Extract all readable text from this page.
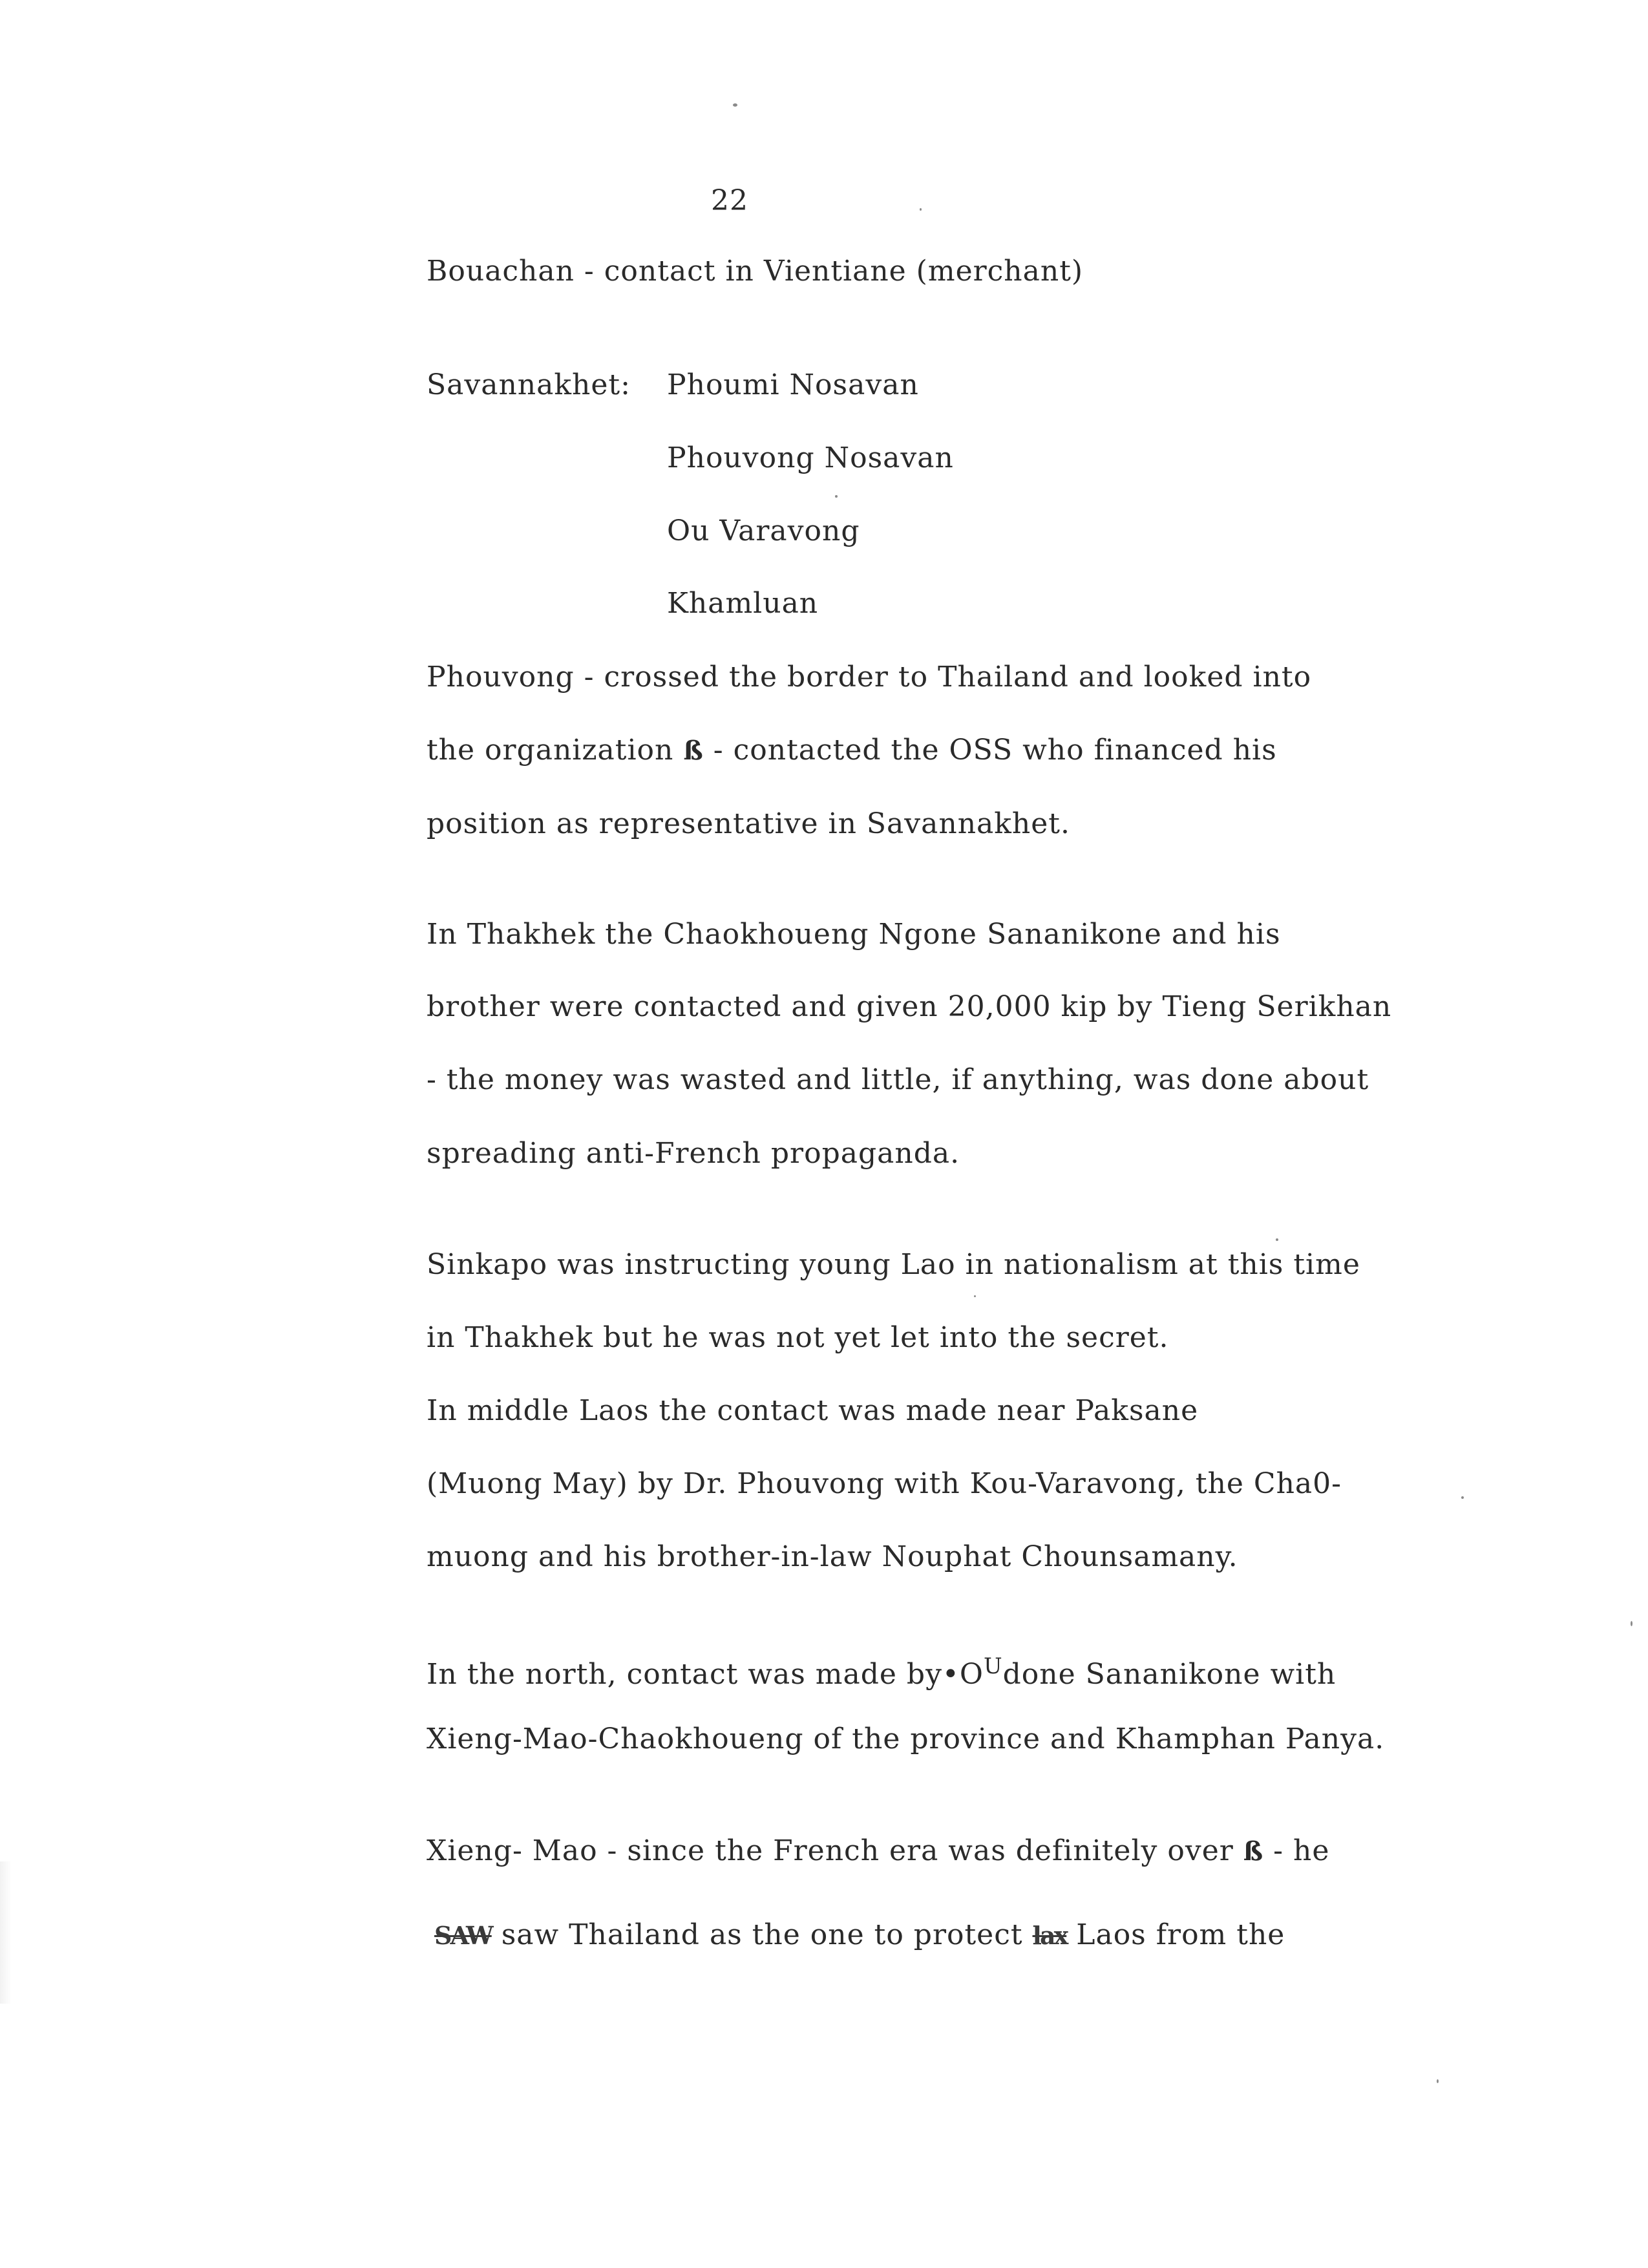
22
Bouachan - contact in Vientiane (merchant)
Savannakhet: Phoumi Nosavan
Phouvong Nosavan
Ou Varavong
Khamluan
Phouvong - crossed the border to Thailand and looked into
the organization ß - contacted the OSS who financed his
position as representative in Savannakhet.
In Thakhek the Chaokhoueng Ngone Sananikone and his
brother were contacted and given 20,000 kip by Tieng Serikhan
- the money was wasted and little, if anything, was done about
spreading anti-French propaganda.
Sinkapo was instructing young Lao in nationalism at this time
in Thakhek but he was not yet let into the secret.
In middle Laos the contact was made near Paksane
(Muong May) by Dr. Phouvong with Kou-Varavong, the Cha0-
muong and his brother-in-law Nouphat Chounsamany.
In the north, contact was made $by•O^Udone$ Sananikone with
Xieng-Mao-Chaokhoueng of the province and Khamphan Panya.
Xieng- Mao - since the French era was definitely over ß - he
SAW saw Thailand as the one to protect lax Laos from the
